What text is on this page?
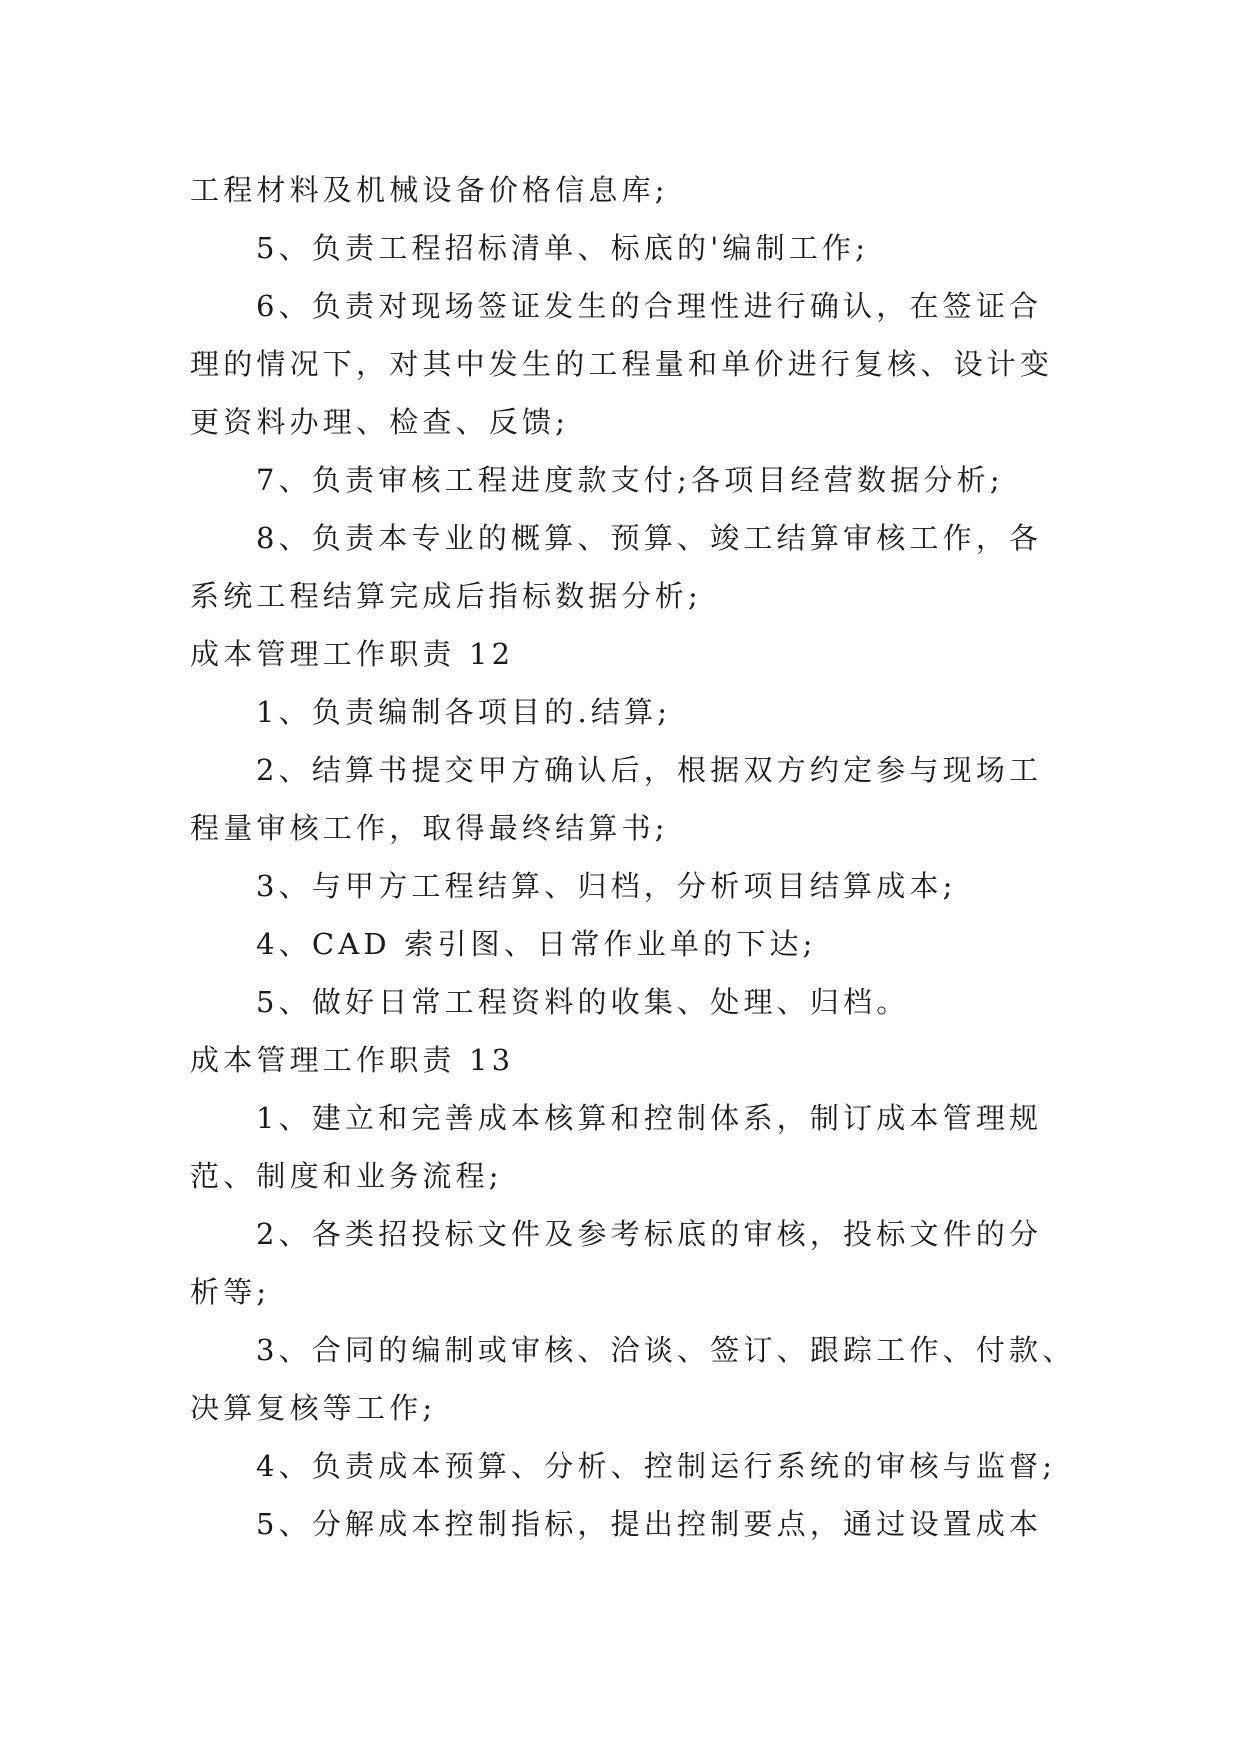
工程材料及机械设备价格信息库;
5、负责工程招标清单、标底的'编制工作;
6、负责对现场签证发生的合理性进行确认，在签证合
理的情况下，对其中发生的工程量和单价进行复核、设计变
更资料办理、检查、反馈;
7、负责审核工程进度款支付;各项目经营数据分析;
8、负责本专业的概算、预算、竣工结算审核工作，各
系统工程结算完成后指标数据分析;
成本管理工作职责 12
1、负责编制各项目的.结算;
2、结算书提交甲方确认后，根据双方约定参与现场工
程量审核工作，取得最终结算书;
3、与甲方工程结算、归档，分析项目结算成本;
4、CAD 索引图、日常作业单的下达;
5、做好日常工程资料的收集、处理、归档。
成本管理工作职责 13
1、建立和完善成本核算和控制体系，制订成本管理规
范、制度和业务流程;
2、各类招投标文件及参考标底的审核，投标文件的分
析等;
3、合同的编制或审核、洽谈、签订、跟踪工作、付款、
决算复核等工作;
4、负责成本预算、分析、控制运行系统的审核与监督;
5、分解成本控制指标，提出控制要点，通过设置成本
